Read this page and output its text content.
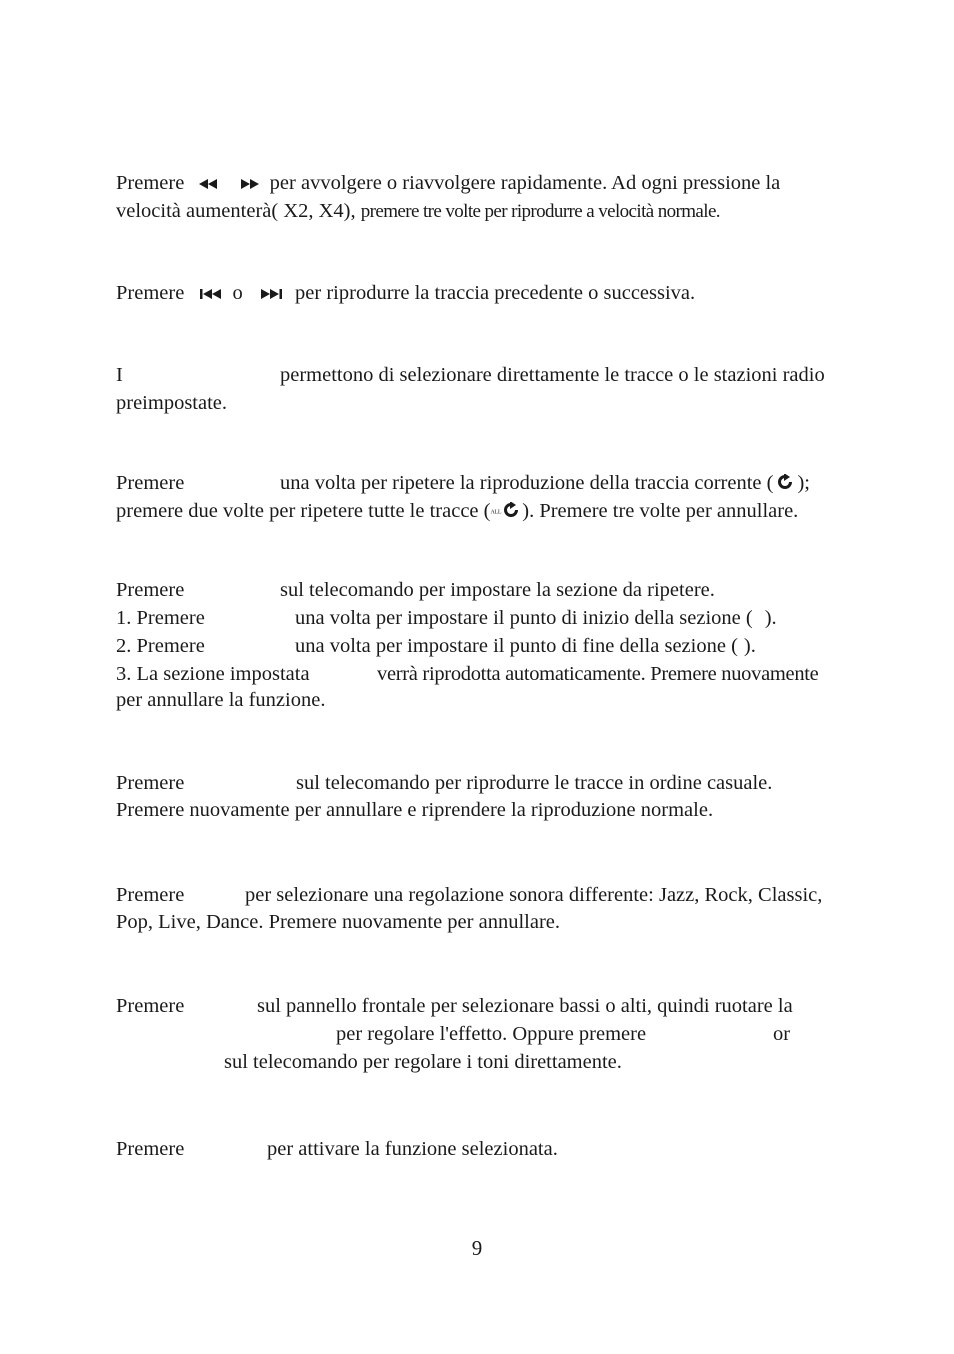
Premere	per avvolgere o riavvolgere rapidamente. Ad ogni pressione la
velocità aumenterà( X2, X4), premere tre volte per riprodurre a velocità normale.
Premere o	per riprodurre la traccia precedente o successiva.
I	permettono di selezionare direttamente le tracce o le stazioni radio
preimpostate.
Premere	una volta per ripetere la riproduzione della traccia corrente ( );
premere due volte per ripetere tutte le tracce (ALL ). Premere tre volte per annullare.
Premere	sul telecomando per impostare la sezione da ripetere.
1. Premere	una volta per impostare il punto di inizio della sezione ( ).
2. Premere	una volta per impostare il punto di fine della sezione ( ).
3. La sezione impostata	verrà riprodotta automaticamente. Premere nuovamente
per annullare la funzione.
Premere	sul telecomando per riprodurre le tracce in ordine casuale.
Premere nuovamente per annullare e riprendere la riproduzione normale.
Premere	per selezionare una regolazione sonora differente: Jazz, Rock, Classic,
Pop, Live, Dance. Premere nuovamente per annullare.
Premere	sul pannello frontale per selezionare bassi o alti, quindi ruotare la
per regolare l'effetto. Oppure premere	or
sul telecomando per regolare i toni direttamente.
Premere	per attivare la funzione selezionata.
9
